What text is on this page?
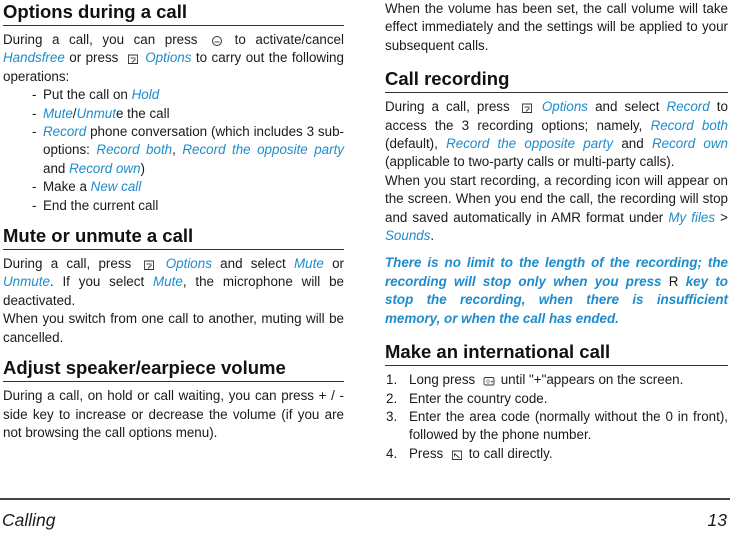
Options during a call

During a call, you can press	to activate/cancel Handsfree or press Options to carry out the following operations:

- Put the call on Hold
- Mute/Unmute the call
- Record phone conversation (which includes 3 sub-options: Record both, Record the opposite party and Record own)
- Make a New call
- End the current call
Mute or unmute a call

During a call, press	Options and select Mute or Unmute. If you select Mute, the microphone will be deactivated.

When you switch from one call to another, muting will be cancelled.

Adjust speaker/earpiece volume

During a call, on hold or call waiting, you can press + / - side key to increase or decrease the volume (if you are not browsing the call options menu).

When the volume has been set, the call volume will take effect immediately and the settings will be applied to your subsequent calls.

Call recording

During a call, press Options and select Record to access the 3 recording options; namely, Record both (default), Record the opposite party and Record own (applicable to two-party calls or multi-party calls).

When you start recording, a recording icon will appear on the screen. When you end the call, the recording will stop and saved automatically in AMR format under My files > Sounds.

There is no limit to the length of the recording; the recording will stop only when you press R key to stop the recording, when there is insufficient memory, or when the call has ended.

Make an international call
1. Long press 0+ until "+"appears on the screen.
2. Enter the country code.
3. Enter the area code (normally without the 0 in front), followed by the phone number.
4. Press to call directly.
Calling	13
